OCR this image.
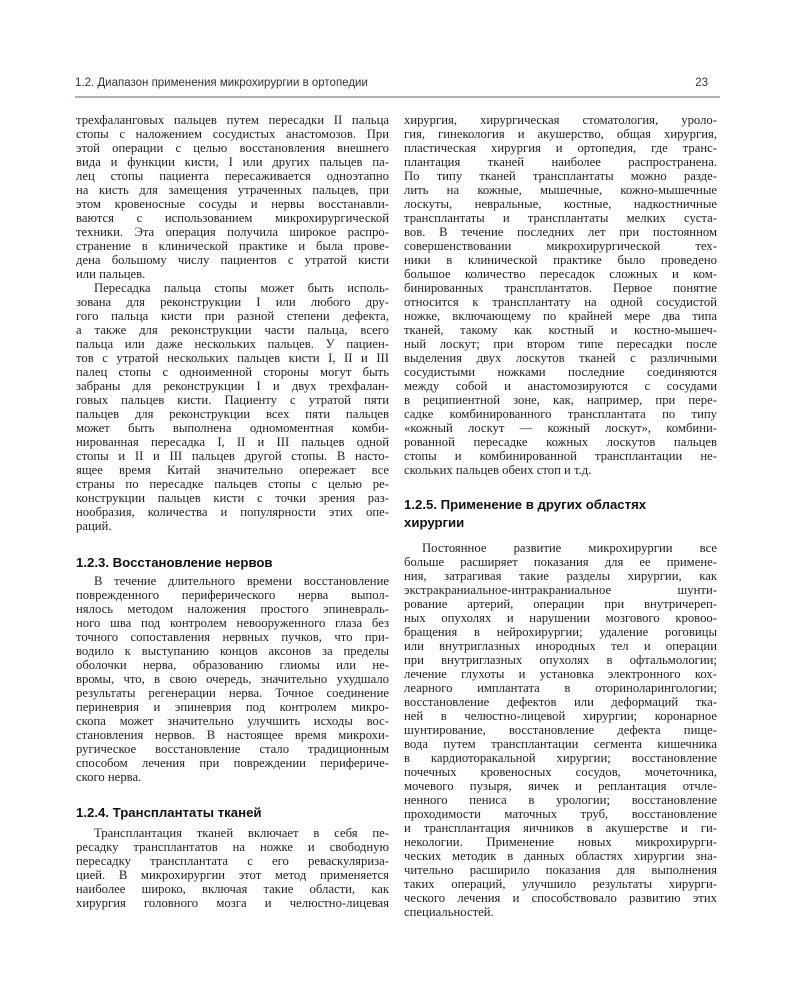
1.2. Диапазон применения микрохирургии в ортопедии	23
трехфаланговых пальцев путем пересадки II пальца
стопы с наложением сосудистых анастомозов. При
этой операции с целью восстановления внешнего
вида и функции кисти, I или других пальцев па-
лец стопы пациента пересаживается одноэтапно
на кисть для замещения утраченных пальцев, при
этом кровеносные сосуды и нервы восстанавли-
ваются с использованием микрохирургической
техники. Эта операция получила широкое распро-
странение в клинической практике и была прове-
дена большому числу пациентов с утратой кисти
или пальцев.
Пересадка пальца стопы может быть исполь-
зована для реконструкции I или любого дру-
гого пальца кисти при разной степени дефекта,
а также для реконструкции части пальца, всего
пальца или даже нескольких пальцев. У пациен-
тов с утратой нескольких пальцев кисти I, II и III
палец стопы с одноименной стороны могут быть
забраны для реконструкции I и двух трехфалан-
говых пальцев кисти. Пациенту с утратой пяти
пальцев для реконструкции всех пяти пальцев
может быть выполнена одномоментная комби-
нированная пересадка I, II и III пальцев одной
стопы и II и III пальцев другой стопы. В насто-
ящее время Китай значительно опережает все
страны по пересадке пальцев стопы с целью ре-
конструкции пальцев кисти с точки зрения раз-
нообразия, количества и популярности этих опе-
раций.
1.2.3. Восстановление нервов
В течение длительного времени восстановление
поврежденного периферического нерва выпол-
нялось методом наложения простого эпиневраль-
ного шва под контролем невооруженного глаза без
точного сопоставления нервных пучков, что при-
водило к выступанию концов аксонов за пределы
оболочки нерва, образованию глиомы или не-
вромы, что, в свою очередь, значительно ухудшало
результаты регенерации нерва. Точное соединение
периневрия и эпиневрия под контролем микро-
скопа может значительно улучшить исходы вос-
становления нервов. В настоящее время микрохи-
ругическое восстановление стало традиционным
способом лечения при повреждении перифериче-
ского нерва.
1.2.4. Трансплантаты тканей
Трансплантация тканей включает в себя пе-
ресадку трансплантатов на ножке и свободную
пересадку трансплантата с его реваскуляриза-
цией. В микрохирургии этот метод применяется
наиболее широко, включая такие области, как
хирургия головного мозга и челюстно-лицевая
хирургия, хирургическая стоматология, уроло-
гия, гинекология и акушерство, общая хирургия,
пластическая хирургия и ортопедия, где транс-
плантация тканей наиболее распространена.
По типу тканей трансплантаты можно разде-
лить на кожные, мышечные, кожно-мышечные
лоскуты, невральные, костные, надкостничные
трансплантаты и трансплантаты мелких суста-
вов. В течение последних лет при постоянном
совершенствовании микрохирургической тех-
ники в клинической практике было проведено
большое количество пересадок сложных и ком-
бинированных трансплантатов. Первое понятие
относится к трансплантату на одной сосудистой
ножке, включающему по крайней мере два типа
тканей, такому как костный и костно-мышеч-
ный лоскут; при втором типе пересадки после
выделения двух лоскутов тканей с различными
сосудистыми ножками последние соединяются
между собой и анастомозируются с сосудами
в реципиентной зоне, как, например, при пере-
садке комбинированного трансплантата по типу
«кожный лоскут — кожный лоскут», комбини-
рованной пересадке кожных лоскутов пальцев
стопы и комбинированной трансплантации не-
скольких пальцев обеих стоп и т.д.
1.2.5. Применение в других областях
хирургии
Постоянное развитие микрохирургии все
больше расширяет показания для ее примене-
ния, затрагивая такие разделы хирургии, как
экстракраниальное-интракраниальное шунти-
рование артерий, операции при внутричереп-
ных опухолях и нарушении мозгового кровоо-
бращения в нейрохирургии; удаление роговицы
или внутриглазных инородных тел и операции
при внутриглазных опухолях в офтальмологии;
лечение глухоты и установка электронного кох-
леарного имплантата в оториноларингологии;
восстановление дефектов или деформаций тка-
ней в челюстно-лицевой хирургии; коронарное
шунтирование, восстановление дефекта пище-
вода путем трансплантации сегмента кишечника
в кардиоторакальной хирургии; восстановление
почечных кровеносных сосудов, мочеточника,
мочевого пузыря, яичек и реплантация отчле-
ненного пениса в урологии; восстановление
проходимости маточных труб, восстановление
и трансплантация яичников в акушерстве и ги-
некологии. Применение новых микрохирурги-
ческих методик в данных областях хирургии зна-
чительно расширило показания для выполнения
таких операций, улучшило результаты хирурги-
ческого лечения и способствовало развитию этих
специальностей.
